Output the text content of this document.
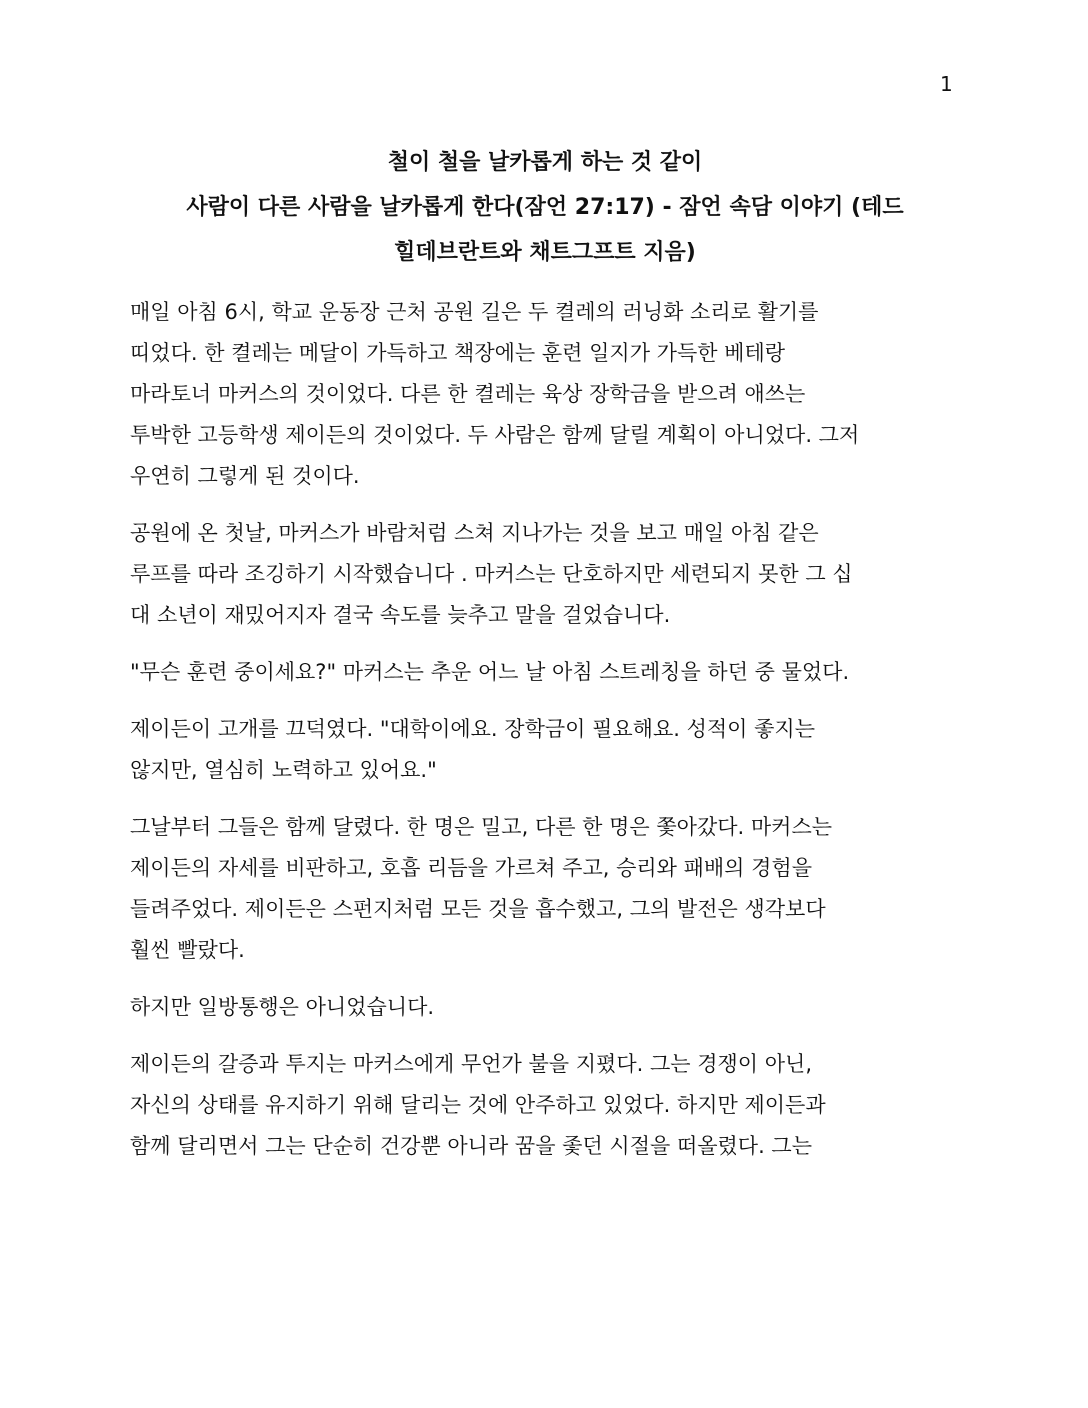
1
철이 철을 날카롭게 하는 것 같이
사람이 다른 사람을 날카롭게 한다(잠언 27:17) - 잠언 속담 이야기 (테드
힐데브란트와 채트그프트 지음)

매일 아침 6시, 학교 운동장 근처 공원 길은 두 켤레의 러닝화 소리로 활기를
띠었다. 한 켤레는 메달이 가득하고 책장에는 훈련 일지가 가득한 베테랑
마라토너 마커스의 것이었다. 다른 한 켤레는 육상 장학금을 받으려 애쓰는
투박한 고등학생 제이든의 것이었다. 두 사람은 함께 달릴 계획이 아니었다. 그저
우연히 그렇게 된 것이다.

공원에 온 첫날, 마커스가 바람처럼 스쳐 지나가는 것을 보고 매일 아침 같은
루프를 따라 조깅하기 시작했습니다 . 마커스는 단호하지만 세련되지 못한 그 십
대 소년이 재밌어지자 결국 속도를 늦추고 말을 걸었습니다.

"무슨 훈련 중이세요?" 마커스는 추운 어느 날 아침 스트레칭을 하던 중 물었다.

제이든이 고개를 끄덕였다. "대학이에요. 장학금이 필요해요. 성적이 좋지는
않지만, 열심히 노력하고 있어요."

그날부터 그들은 함께 달렸다. 한 명은 밀고, 다른 한 명은 쫓아갔다. 마커스는
제이든의 자세를 비판하고, 호흡 리듬을 가르쳐 주고, 승리와 패배의 경험을
들려주었다. 제이든은 스펀지처럼 모든 것을 흡수했고, 그의 발전은 생각보다
훨씬 빨랐다.

하지만 일방통행은 아니었습니다.

제이든의 갈증과 투지는 마커스에게 무언가 불을 지폈다. 그는 경쟁이 아닌,
자신의 상태를 유지하기 위해 달리는 것에 안주하고 있었다. 하지만 제이든과
함께 달리면서 그는 단순히 건강뿐 아니라 꿈을 좇던 시절을 떠올렸다. 그는
